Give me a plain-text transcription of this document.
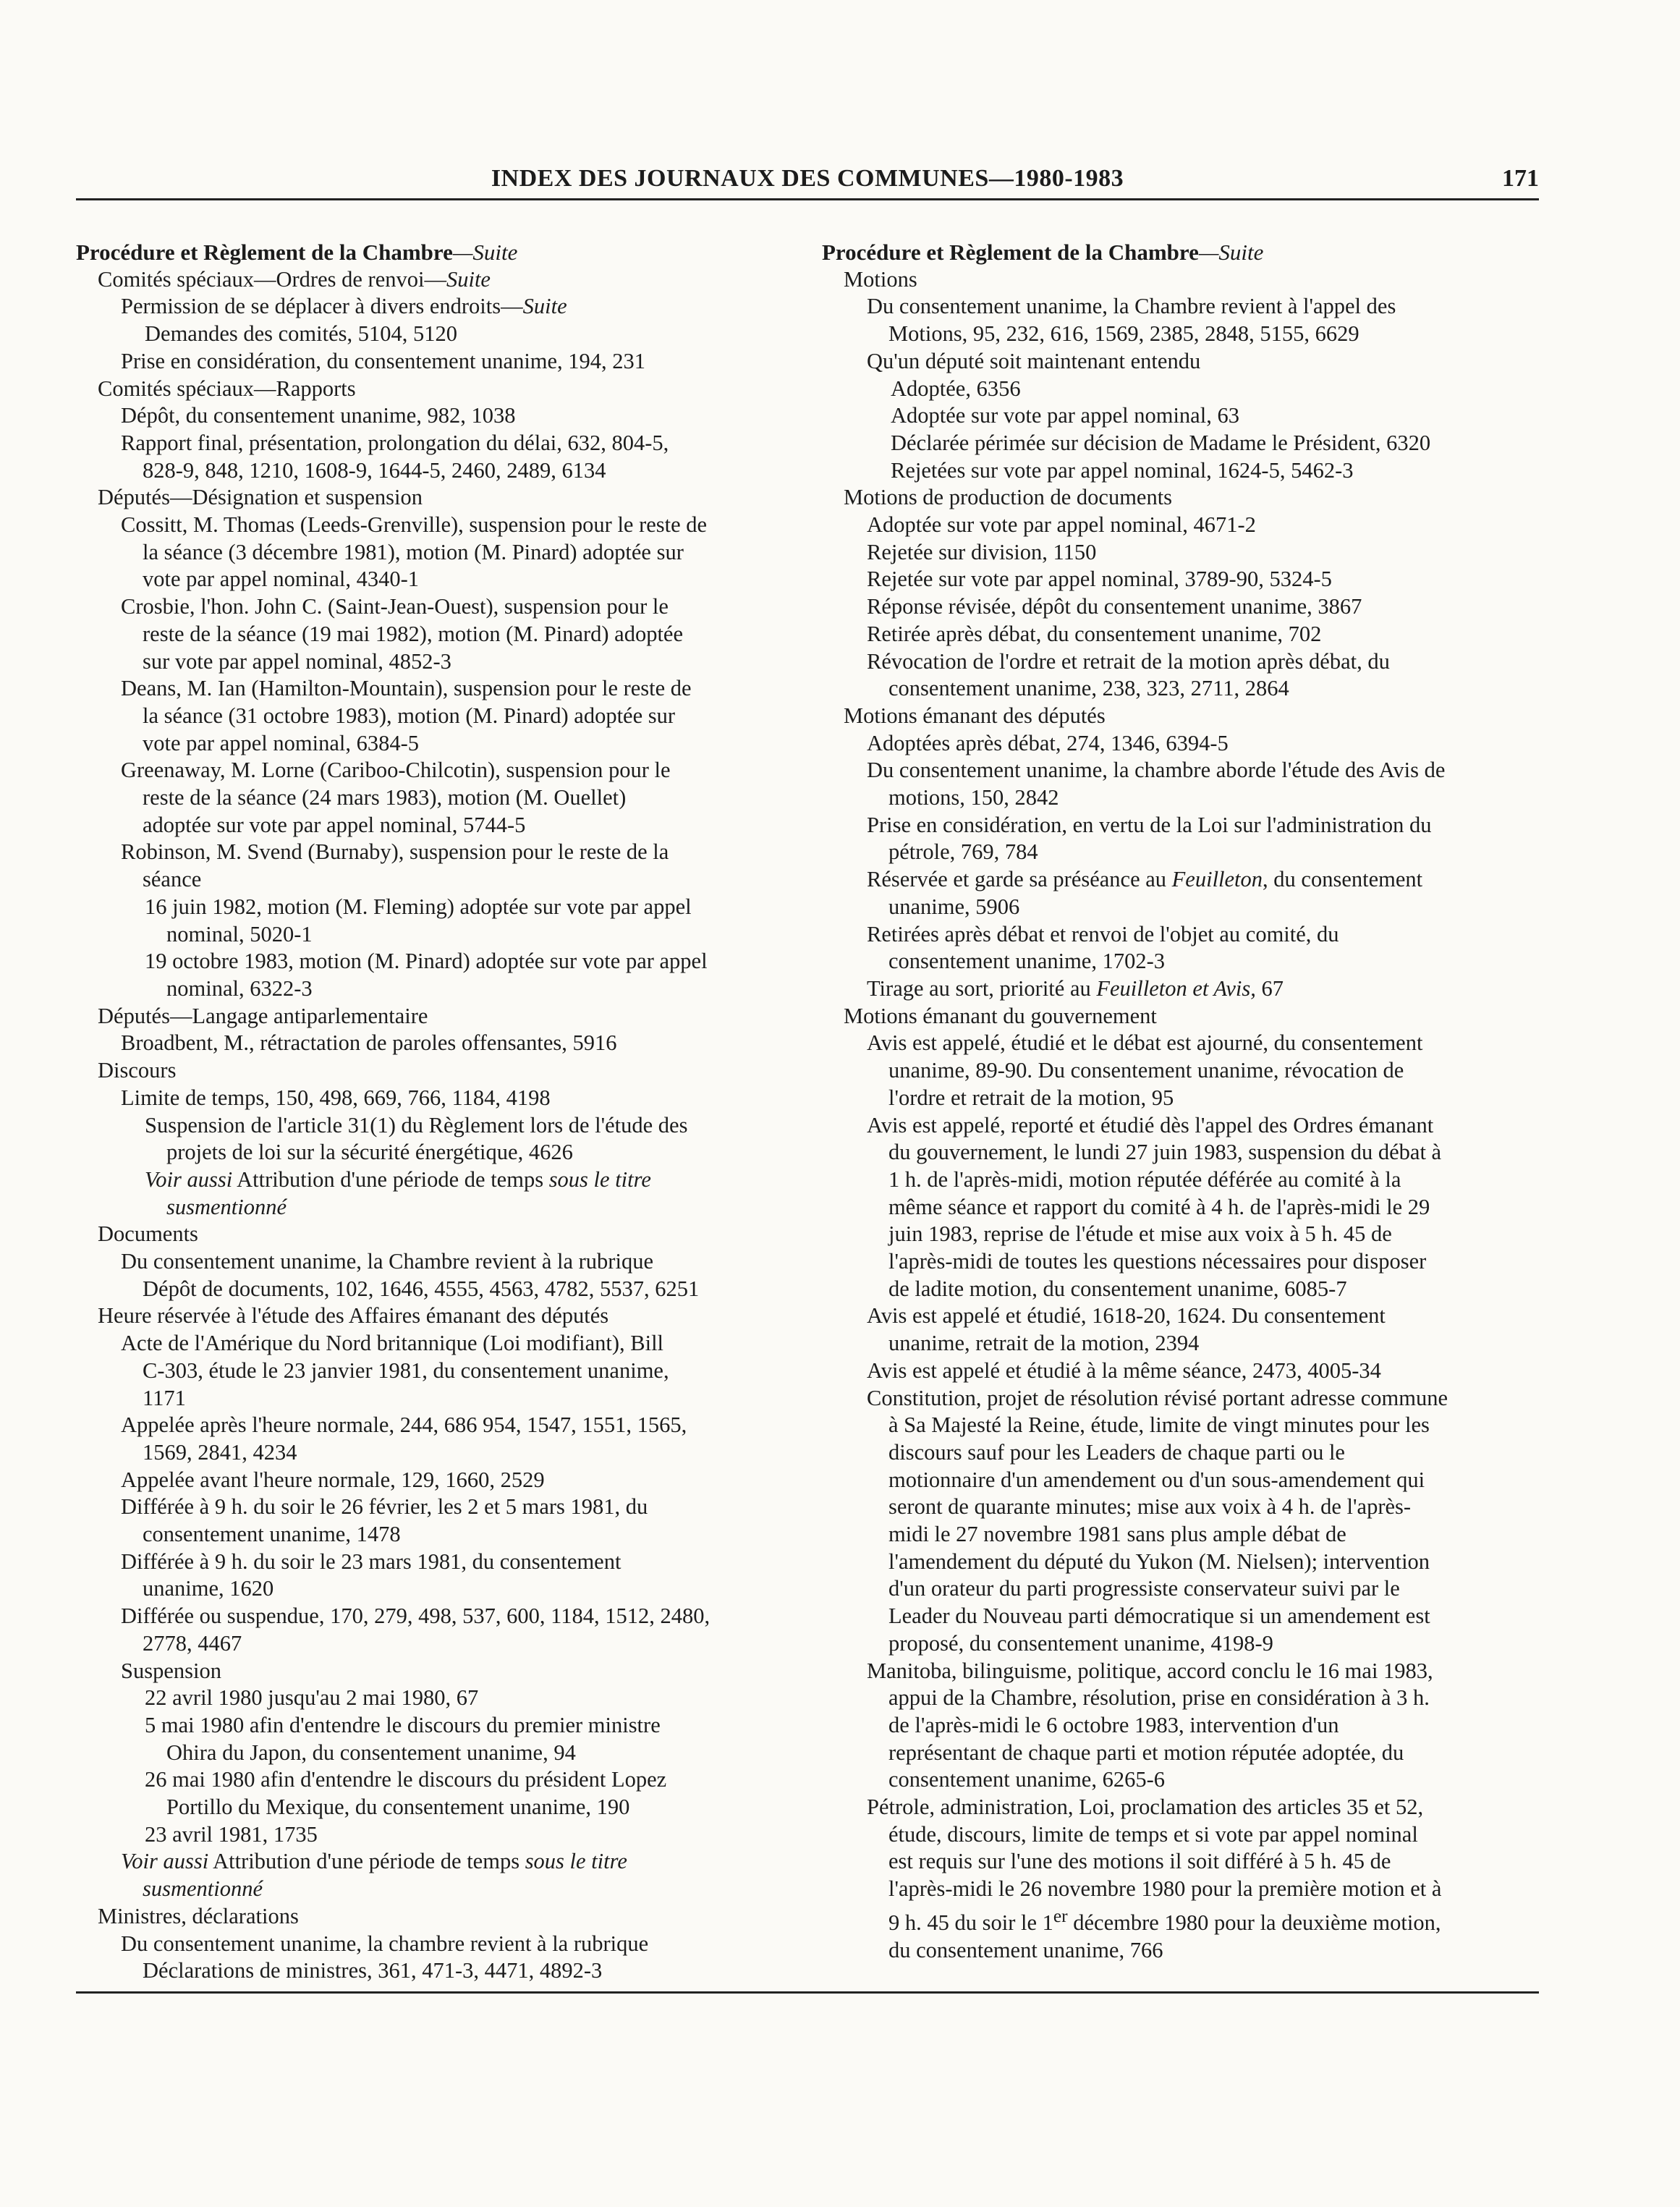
INDEX DES JOURNAUX DES COMMUNES—1980-1983	171
Procédure et Règlement de la Chambre—Suite
Comités spéciaux—Ordres de renvoi—Suite
Permission de se déplacer à divers endroits—Suite
Demandes des comités, 5104, 5120
Prise en considération, du consentement unanime, 194, 231
Comités spéciaux—Rapports
Dépôt, du consentement unanime, 982, 1038
Rapport final, présentation, prolongation du délai, 632, 804-5,
828-9, 848, 1210, 1608-9, 1644-5, 2460, 2489, 6134
Députés—Désignation et suspension
Cossitt, M. Thomas (Leeds-Grenville), suspension pour le reste de
la séance (3 décembre 1981), motion (M. Pinard) adoptée sur
vote par appel nominal, 4340-1
Crosbie, l'hon. John C. (Saint-Jean-Ouest), suspension pour le
reste de la séance (19 mai 1982), motion (M. Pinard) adoptée
sur vote par appel nominal, 4852-3
Deans, M. Ian (Hamilton-Mountain), suspension pour le reste de
la séance (31 octobre 1983), motion (M. Pinard) adoptée sur
vote par appel nominal, 6384-5
Greenaway, M. Lorne (Cariboo-Chilcotin), suspension pour le
reste de la séance (24 mars 1983), motion (M. Ouellet)
adoptée sur vote par appel nominal, 5744-5
Robinson, M. Svend (Burnaby), suspension pour le reste de la
séance
16 juin 1982, motion (M. Fleming) adoptée sur vote par appel
nominal, 5020-1
19 octobre 1983, motion (M. Pinard) adoptée sur vote par appel
nominal, 6322-3
Députés—Langage antiparlementaire
Broadbent, M., rétractation de paroles offensantes, 5916
Discours
Limite de temps, 150, 498, 669, 766, 1184, 4198
Suspension de l'article 31(1) du Règlement lors de l'étude des
projets de loi sur la sécurité énergétique, 4626
Voir aussi Attribution d'une période de temps sous le titre
susmentionné
Documents
Du consentement unanime, la Chambre revient à la rubrique
Dépôt de documents, 102, 1646, 4555, 4563, 4782, 5537, 6251
Heure réservée à l'étude des Affaires émanant des députés
Acte de l'Amérique du Nord britannique (Loi modifiant), Bill
C-303, étude le 23 janvier 1981, du consentement unanime,
1171
Appelée après l'heure normale, 244, 686 954, 1547, 1551, 1565,
1569, 2841, 4234
Appelée avant l'heure normale, 129, 1660, 2529
Différée à 9 h. du soir le 26 février, les 2 et 5 mars 1981, du
consentement unanime, 1478
Différée à 9 h. du soir le 23 mars 1981, du consentement
unanime, 1620
Différée ou suspendue, 170, 279, 498, 537, 600, 1184, 1512, 2480,
2778, 4467
Suspension
22 avril 1980 jusqu'au 2 mai 1980, 67
5 mai 1980 afin d'entendre le discours du premier ministre
Ohira du Japon, du consentement unanime, 94
26 mai 1980 afin d'entendre le discours du président Lopez
Portillo du Mexique, du consentement unanime, 190
23 avril 1981, 1735
Voir aussi Attribution d'une période de temps sous le titre
susmentionné
Ministres, déclarations
Du consentement unanime, la chambre revient à la rubrique
Déclarations de ministres, 361, 471-3, 4471, 4892-3
Procédure et Règlement de la Chambre—Suite
Motions
Du consentement unanime, la Chambre revient à l'appel des
Motions, 95, 232, 616, 1569, 2385, 2848, 5155, 6629
Qu'un député soit maintenant entendu
Adoptée, 6356
Adoptée sur vote par appel nominal, 63
Déclarée périmée sur décision de Madame le Président, 6320
Rejetées sur vote par appel nominal, 1624-5, 5462-3
Motions de production de documents
Adoptée sur vote par appel nominal, 4671-2
Rejetée sur division, 1150
Rejetée sur vote par appel nominal, 3789-90, 5324-5
Réponse révisée, dépôt du consentement unanime, 3867
Retirée après débat, du consentement unanime, 702
Révocation de l'ordre et retrait de la motion après débat, du
consentement unanime, 238, 323, 2711, 2864
Motions émanant des députés
Adoptées après débat, 274, 1346, 6394-5
Du consentement unanime, la chambre aborde l'étude des Avis de
motions, 150, 2842
Prise en considération, en vertu de la Loi sur l'administration du
pétrole, 769, 784
Réservée et garde sa préséance au Feuilleton, du consentement
unanime, 5906
Retirées après débat et renvoi de l'objet au comité, du
consentement unanime, 1702-3
Tirage au sort, priorité au Feuilleton et Avis, 67
Motions émanant du gouvernement
Avis est appelé, étudié et le débat est ajourné, du consentement
unanime, 89-90. Du consentement unanime, révocation de
l'ordre et retrait de la motion, 95
Avis est appelé, reporté et étudié dès l'appel des Ordres émanant
du gouvernement, le lundi 27 juin 1983, suspension du débat à
1 h. de l'après-midi, motion réputée déférée au comité à la
même séance et rapport du comité à 4 h. de l'après-midi le 29
juin 1983, reprise de l'étude et mise aux voix à 5 h. 45 de
l'après-midi de toutes les questions nécessaires pour disposer
de ladite motion, du consentement unanime, 6085-7
Avis est appelé et étudié, 1618-20, 1624. Du consentement
unanime, retrait de la motion, 2394
Avis est appelé et étudié à la même séance, 2473, 4005-34
Constitution, projet de résolution révisé portant adresse commune
à Sa Majesté la Reine, étude, limite de vingt minutes pour les
discours sauf pour les Leaders de chaque parti ou le
motionnaire d'un amendement ou d'un sous-amendement qui
seront de quarante minutes; mise aux voix à 4 h. de l'après-
midi le 27 novembre 1981 sans plus ample débat de
l'amendement du député du Yukon (M. Nielsen); intervention
d'un orateur du parti progressiste conservateur suivi par le
Leader du Nouveau parti démocratique si un amendement est
proposé, du consentement unanime, 4198-9
Manitoba, bilinguisme, politique, accord conclu le 16 mai 1983,
appui de la Chambre, résolution, prise en considération à 3 h.
de l'après-midi le 6 octobre 1983, intervention d'un
représentant de chaque parti et motion réputée adoptée, du
consentement unanime, 6265-6
Pétrole, administration, Loi, proclamation des articles 35 et 52,
étude, discours, limite de temps et si vote par appel nominal
est requis sur l'une des motions il soit différé à 5 h. 45 de
l'après-midi le 26 novembre 1980 pour la première motion et à
9 h. 45 du soir le 1er décembre 1980 pour la deuxième motion,
du consentement unanime, 766
